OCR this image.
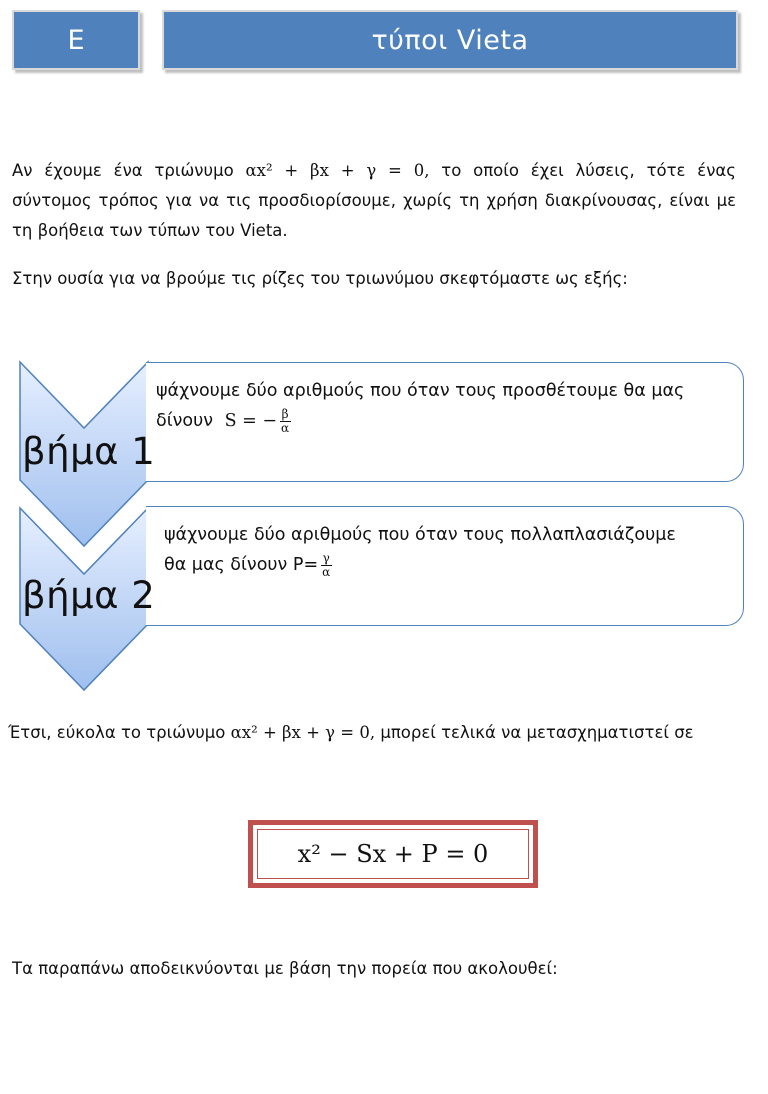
Ε	τύποι Vieta
Αν έχουμε ένα τριώνυμο αx² + βx + γ = 0, το οποίο έχει λύσεις, τότε ένας
σύντομος τρόπος για να τις προσδιορίσουμε, χωρίς τη χρήση διακρίνουσας, είναι με
τη βοήθεια των τύπων του Vieta.
Στην ουσία για να βρούμε τις ρίζες του τριωνύμου σκεφτόμαστε ως εξής:
βήμα 1
βήμα 2
ψάχνουμε δύο αριθμούς που όταν τους προσθέτουμε θα μας
δίνουν S = − $\frac{\beta}{\alpha}$
ψάχνουμε δύο αριθμούς που όταν τους πολλαπλασιάζουμε
θα μας δίνουν $P= \frac{\gamma}{\alpha}$
Έτσι, εύκολα το τριώνυμο αx² + βx + γ = 0, μπορεί τελικά να μετασχηματιστεί σε
x² − Sx + P = 0
Τα παραπάνω αποδεικνύονται με βάση την πορεία που ακολουθεί:
